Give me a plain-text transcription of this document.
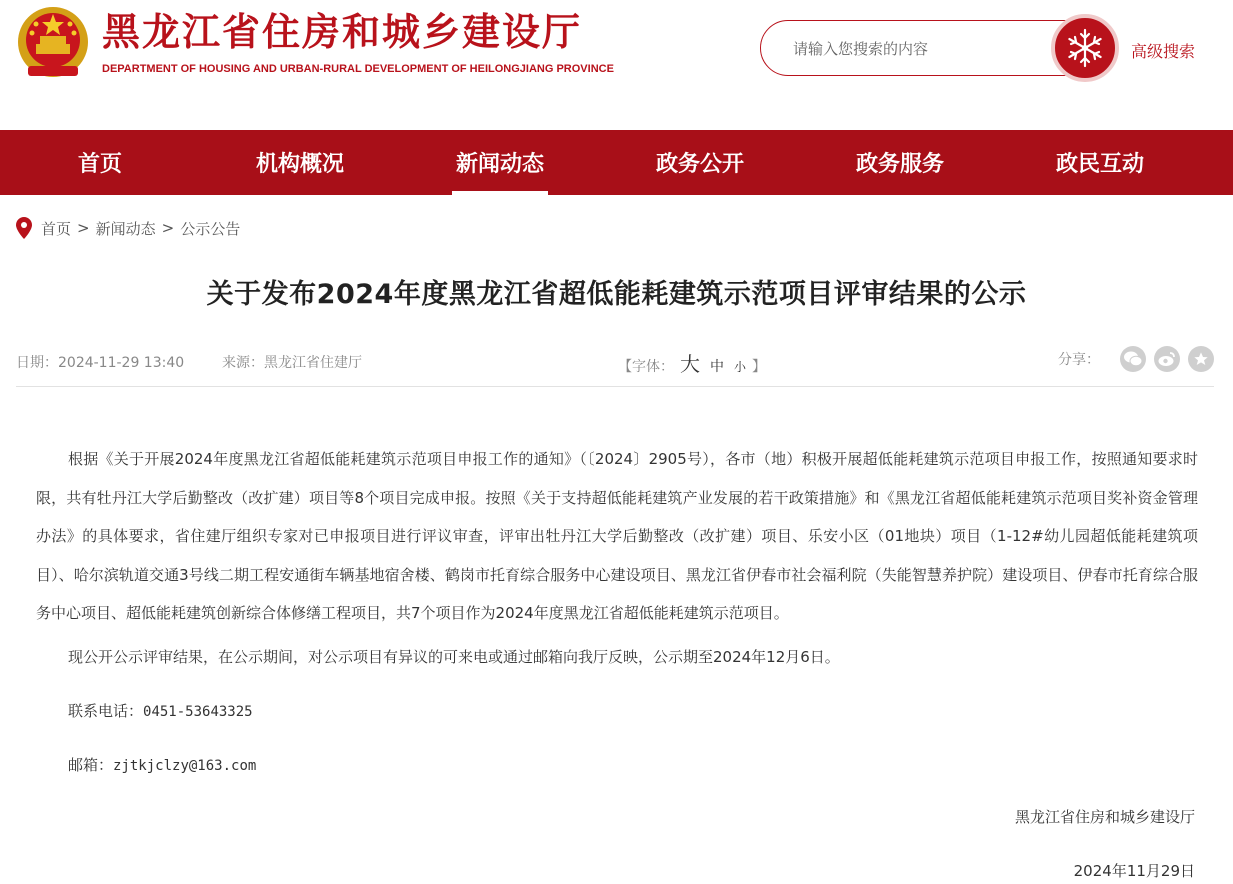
黑龙江省住房和城乡建设厅
DEPARTMENT OF HOUSING AND URBAN-RURAL DEVELOPMENT OF HEILONGJIANG PROVINCE
请输入您搜索的内容
高级搜索
首页	机构概况	新闻动态	政务公开	政务服务	政民互动
首页 > 新闻动态 > 公示公告
关于发布2024年度黑龙江省超低能耗建筑示范项目评审结果的公示
日期：2024-11-29 13:40	来源：黑龙江省住建厅	【字体： 大 中 小 】	分享：

根据《关于开展2024年度黑龙江省超低能耗建筑示范项目申报工作的通知》（〔2024〕2905号），各市（地）积极开展超低能耗建筑示范项目申报工作，按照通知要求时限，共有牡丹江大学后勤整改（改扩建）项目等8个项目完成申报。按照《关于支持超低能耗建筑产业发展的若干政策措施》和《黑龙江省超低能耗建筑示范项目奖补资金管理办法》的具体要求，省住建厅组织专家对已申报项目进行评议审查，评审出牡丹江大学后勤整改（改扩建）项目、乐安小区（01地块）项目（1-12#幼儿园超低能耗建筑项目）、哈尔滨轨道交通3号线二期工程安通街车辆基地宿舍楼、鹤岗市托育综合服务中心建设项目、黑龙江省伊春市社会福利院（失能智慧养护院）建设项目、伊春市托育综合服务中心项目、超低能耗建筑创新综合体修缮工程项目，共7个项目作为2024年度黑龙江省超低能耗建筑示范项目。

现公开公示评审结果，在公示期间，对公示项目有异议的可来电或通过邮箱向我厅反映，公示期至2024年12月6日。
联系电话：0451-53643325
邮箱：zjtkjclzy@163.com
黑龙江省住房和城乡建设厅
2024年11月29日
